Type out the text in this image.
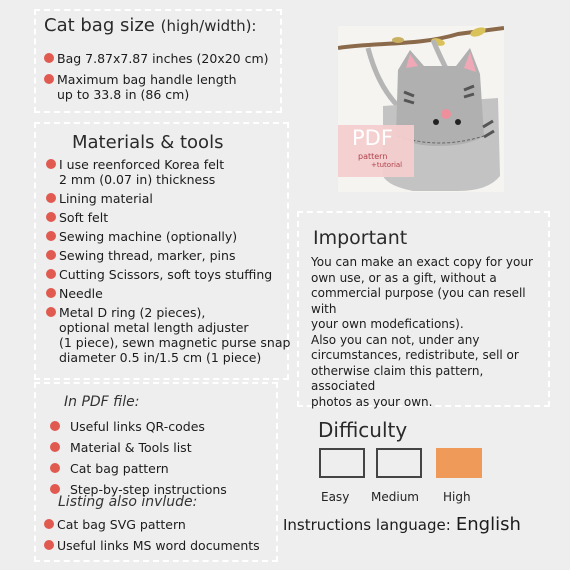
Cat bag size (high/width):
Bag 7.87x7.87 inches (20x20 cm)
Maximum bag handle length
up to 33.8 in (86 cm)
Materials & tools
I use reenforced Korea felt
2 mm (0.07 in) thickness
Lining material
Soft felt
Sewing machine (optionally)
Sewing thread, marker, pins
Cutting Scissors, soft toys stuffing
Needle
Metal D ring (2 pieces),
optional metal length adjuster
(1 piece), sewn magnetic purse snap
diameter 0.5 in/1.5 cm (1 piece)
In PDF file:
Useful links QR-codes
Material & Tools list
Cat bag pattern
Step-by-step instructions
Listing also invlude:
Cat bag SVG pattern
Useful links MS word documents
PDF
pattern
+tutorial
Important
You can make an exact copy for your
own use, or as a gift, without a
commercial purpose (you can resell with
your own modefications).
Also you can not, under any
circumstances, redistribute, sell or
otherwise claim this pattern, associated
photos as your own.
Difficulty
Easy Medium High
Instructions language: English
